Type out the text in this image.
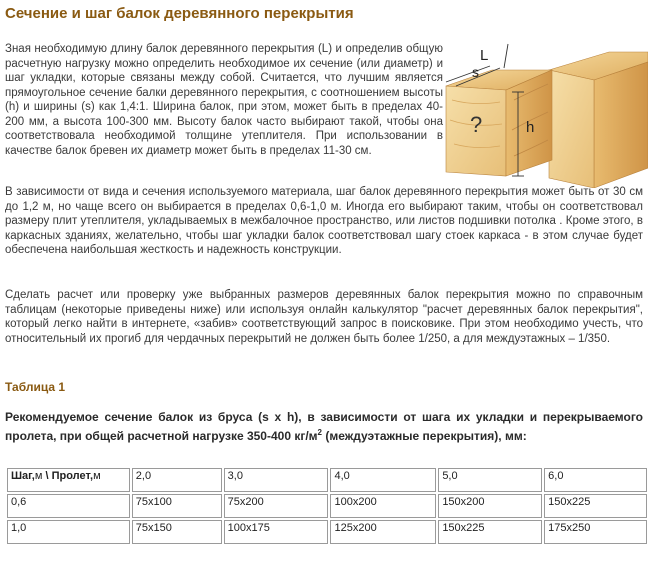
Сечение и шаг балок деревянного перекрытия

Зная необходимую длину балок деревянного перекрытия (L) и определив общую расчетную нагрузку можно определить необходимое их сечение (или диаметр) и шаг укладки, которые связаны между собой. Считается, что лучшим является прямоугольное сечение балки деревянного перекрытия, с соотношением высоты (h) и ширины (s) как 1,4:1. Ширина балок, при этом, может быть в пределах 40-200 мм, а высота 100-300 мм. Высоту балок часто выбирают такой, чтобы она соответствовала необходимой толщине утеплителя. При использовании в качестве балок бревен их диаметр может быть в пределах 11-30 см.

L
s
h
?

В зависимости от вида и сечения используемого материала, шаг балок деревянного перекрытия может быть от 30 см до 1,2 м, но чаще всего он выбирается в пределах 0,6-1,0 м. Иногда его выбирают таким, чтобы он соответствовал размеру плит утеплителя, укладываемых в межбалочное пространство, или листов подшивки потолка . Кроме этого, в каркасных зданиях, желательно, чтобы шаг укладки балок соответствовал шагу стоек каркаса - в этом случае будет обеспечена наибольшая жесткость и надежность конструкции.

Сделать расчет или проверку уже выбранных размеров деревянных балок перекрытия можно по справочным таблицам (некоторые приведены ниже) или используя онлайн калькулятор "расчет деревянных балок перекрытия", который легко найти в интернете, «забив» соответствующий запрос в поисковике. При этом необходимо учесть, что относительный их прогиб для чердачных перекрытий не должен быть более 1/250, а для междуэтажных – 1/350.

Таблица 1

Рекомендуемое сечение балок из бруса (s x h), в зависимости от шага их укладки и перекрываемого пролета, при общей расчетной нагрузке 350-400 $кг/м^2$ (междуэтажные перекрытия), мм:

Шаг,м \ Пролет,м	2,0	3,0	4,0	5,0	6,0
0,6	75x100	75x200	100x200	150x200	150x225
1,0	75x150	100x175	125x200	150x225	175x250
